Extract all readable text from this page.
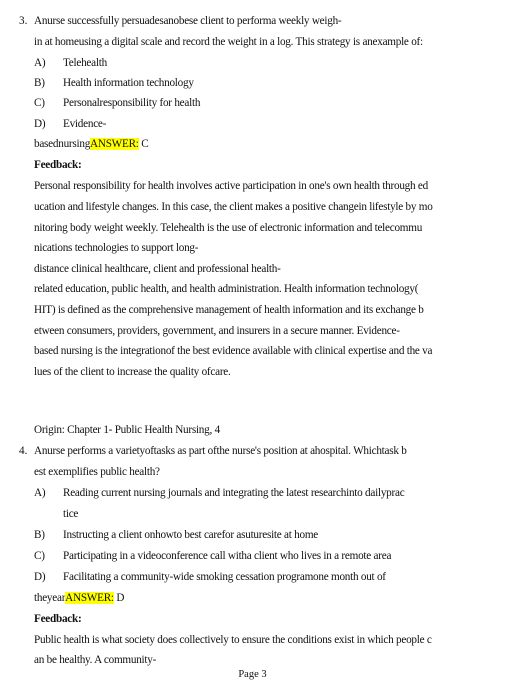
3. Anurse successfully persuadesanobese client to performa weekly weigh-
in at homeusing a digital scale and record the weight in a log. This strategy is anexample of:
A) Telehealth
B) Health information technology
C) Personalresponsibility for health
D) Evidence-
basednursingANSWER: C
Feedback:
Personal responsibility for health involves active participation in one's own health through ed
ucation and lifestyle changes. In this case, the client makes a positive changein lifestyle by mo
nitoring body weight weekly. Telehealth is the use of electronic information and telecommu
nications technologies to support long-
distance clinical healthcare, client and professional health-
related education, public health, and health administration. Health information technology(
HIT) is defined as the comprehensive management of health information and its exchange b
etween consumers, providers, government, and insurers in a secure manner. Evidence-
based nursing is the integrationof the best evidence available with clinical expertise and the va
lues of the client to increase the quality ofcare.
Origin: Chapter 1- Public Health Nursing, 4
4. Anurse performs a varietyoftasks as part ofthe nurse's position at ahospital. Whichtask b
est exemplifies public health?
A) Reading current nursing journals and integrating the latest researchinto dailyprac
tice
B) Instructing a client onhowto best carefor asuturesite at home
C) Participating in a videoconference call witha client who lives in a remote area
D) Facilitating a community-wide smoking cessation programone month out of
theyearANSWER: D
Feedback:
Public health is what society does collectively to ensure the conditions exist in which people c
an be healthy. A community-
Page 3
